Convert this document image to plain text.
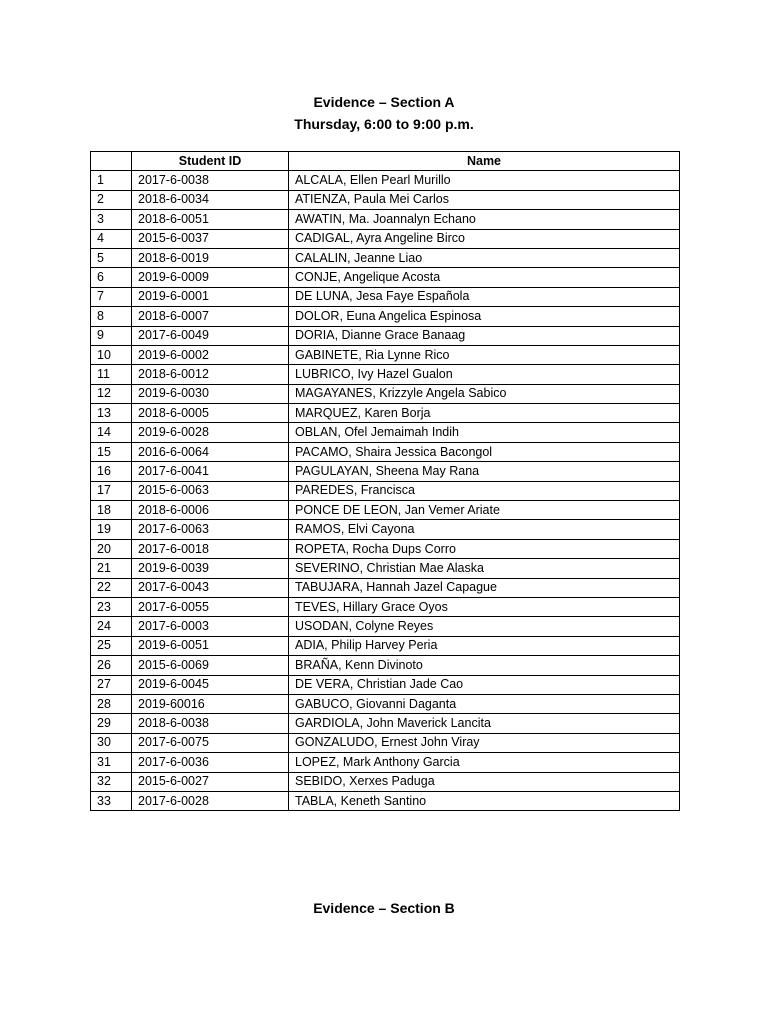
Evidence – Section A
Thursday, 6:00 to 9:00 p.m.
	Student ID	Name
1	2017-6-0038	ALCALA, Ellen Pearl Murillo
2	2018-6-0034	ATIENZA, Paula Mei Carlos
3	2018-6-0051	AWATIN, Ma. Joannalyn Echano
4	2015-6-0037	CADIGAL, Ayra Angeline Birco
5	2018-6-0019	CALALIN, Jeanne Liao
6	2019-6-0009	CONJE, Angelique Acosta
7	2019-6-0001	DE LUNA, Jesa Faye Española
8	2018-6-0007	DOLOR, Euna Angelica Espinosa
9	2017-6-0049	DORIA, Dianne Grace Banaag
10	2019-6-0002	GABINETE, Ria Lynne Rico
11	2018-6-0012	LUBRICO, Ivy Hazel Gualon
12	2019-6-0030	MAGAYANES, Krizzyle Angela Sabico
13	2018-6-0005	MARQUEZ, Karen Borja
14	2019-6-0028	OBLAN, Ofel Jemaimah Indih
15	2016-6-0064	PACAMO, Shaira Jessica Bacongol
16	2017-6-0041	PAGULAYAN, Sheena May Rana
17	2015-6-0063	PAREDES, Francisca
18	2018-6-0006	PONCE DE LEON, Jan Vemer Ariate
19	2017-6-0063	RAMOS, Elvi Cayona
20	2017-6-0018	ROPETA, Rocha Dups Corro
21	2019-6-0039	SEVERINO, Christian Mae Alaska
22	2017-6-0043	TABUJARA, Hannah Jazel Capague
23	2017-6-0055	TEVES, Hillary Grace Oyos
24	2017-6-0003	USODAN, Colyne Reyes
25	2019-6-0051	ADIA, Philip Harvey Peria
26	2015-6-0069	BRAÑA, Kenn Divinoto
27	2019-6-0045	DE VERA, Christian Jade Cao
28	2019-60016	GABUCO, Giovanni Daganta
29	2018-6-0038	GARDIOLA, John Maverick Lancita
30	2017-6-0075	GONZALUDO, Ernest John Viray
31	2017-6-0036	LOPEZ, Mark Anthony Garcia
32	2015-6-0027	SEBIDO, Xerxes Paduga
33	2017-6-0028	TABLA, Keneth Santino
Evidence – Section B
